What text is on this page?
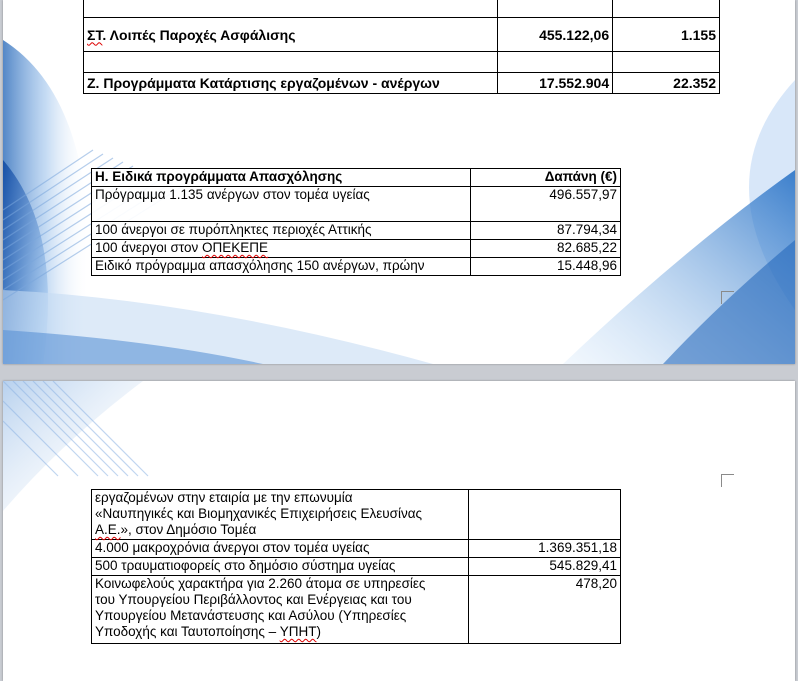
ΣΤ. Λοιπές Παροχές Ασφάλισης	455.122,06	1.155

Ζ. Προγράμματα Κατάρτισης εργαζομένων - ανέργων	17.552.904	22.352
Η. Ειδικά προγράμματα Απασχόλησης	Δαπάνη (€)
Πρόγραμμα 1.135 ανέργων στον τομέα υγείας	496.557,97
100 άνεργοι σε πυρόπληκτες περιοχές Αττικής	87.794,34
100 άνεργοι στον ΟΠΕΚΕΠΕ	82.685,22
Ειδικό πρόγραμμα απασχόλησης 150 ανέργων, πρώην	15.448,96
εργαζομένων στην εταιρία με την επωνυμία
«Ναυπηγικές και Βιομηχανικές Επιχειρήσεις Ελευσίνας
Α.Ε.», στον Δημόσιο Τομέα	

4.000 μακροχρόνια άνεργοι στον τομέα υγείας	1.369.351,18
500 τραυματιοφορείς στο δημόσιο σύστημα υγείας	545.829,41

Κοινωφελούς χαρακτήρα για 2.260 άτομα σε υπηρεσίες
του Υπουργείου Περιβάλλοντος και Ενέργειας και του
Υπουργείου Μετανάστευσης και Ασύλου (Υπηρεσίες
Υποδοχής και Ταυτοποίησης – ΥΠΗΤ)	478,20
